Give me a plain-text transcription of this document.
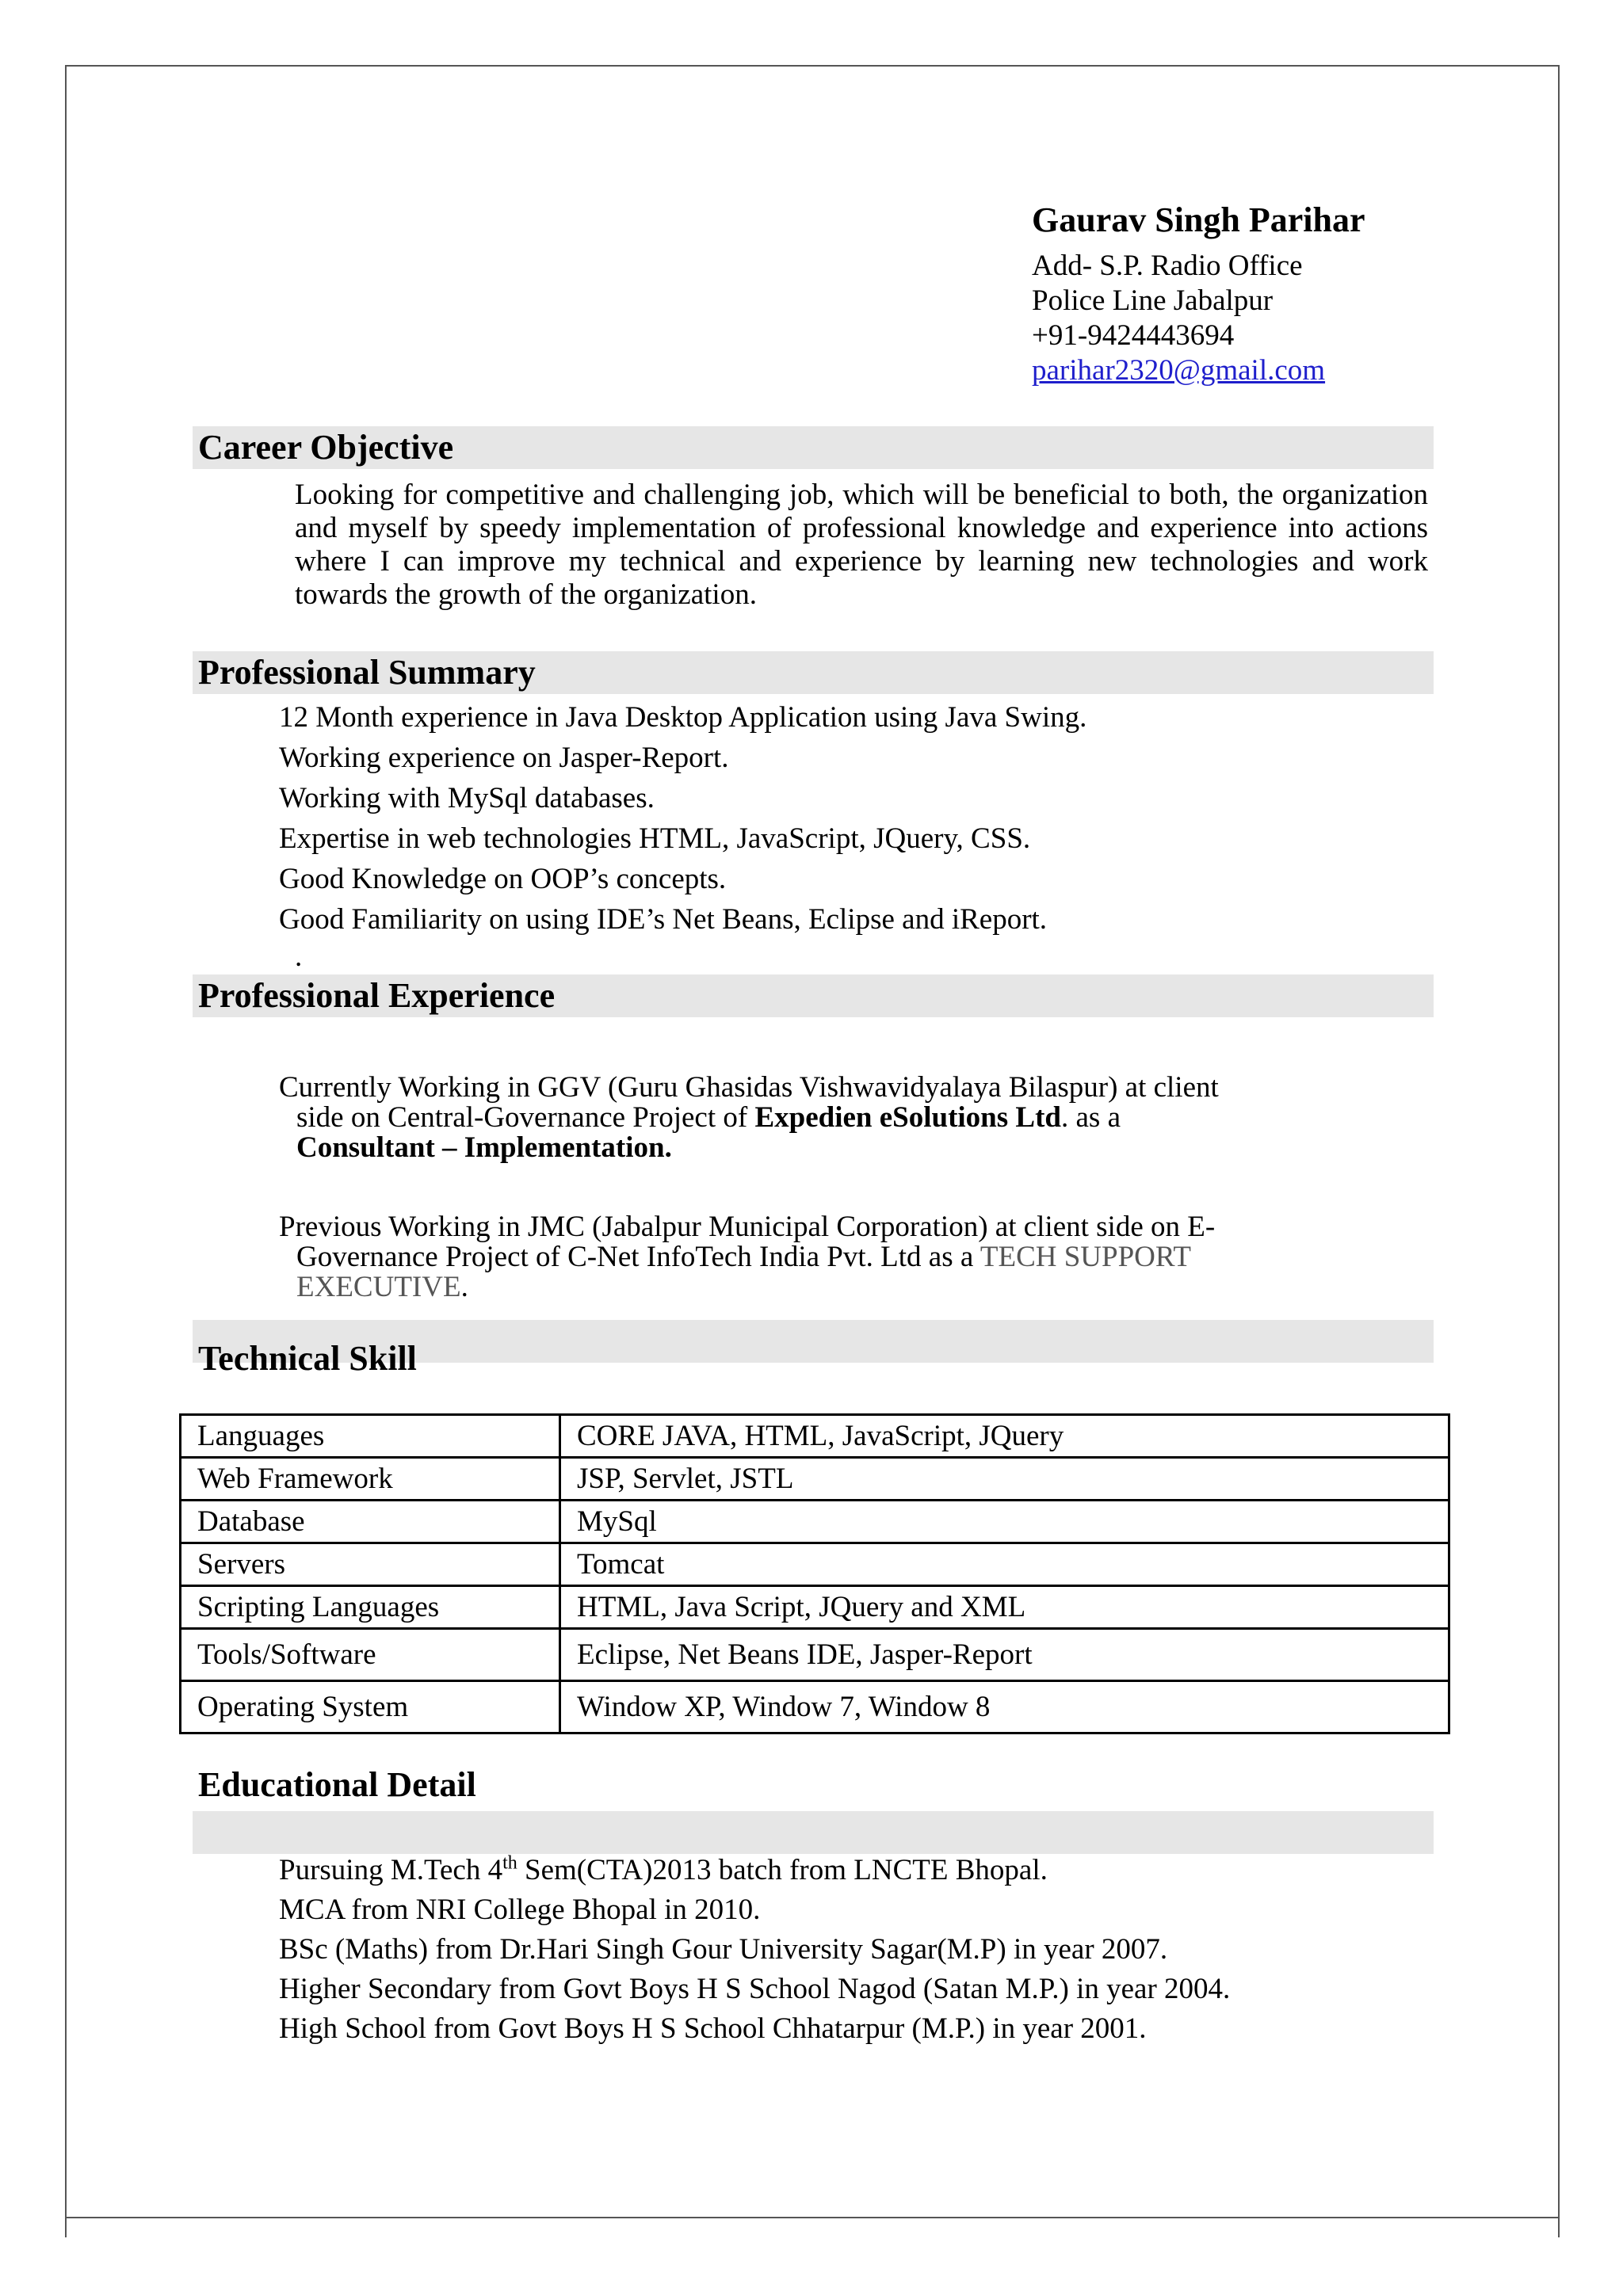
Gaurav Singh Parihar
Add- S.P. Radio Office
Police Line Jabalpur
+91-9424443694
parihar2320@gmail.com
Career Objective
Looking for competitive and challenging job, which will be beneficial to both, the organization and myself by speedy implementation of professional knowledge and experience into actions where I can improve my technical and experience by learning new technologies and work towards the growth of the organization.
Professional Summary
12 Month experience in Java Desktop Application using Java Swing.
Working experience on Jasper-Report.
Working with MySql databases.
Expertise in web technologies HTML, JavaScript, JQuery, CSS.
Good Knowledge on OOP’s concepts.
Good Familiarity on using IDE’s Net Beans, Eclipse and iReport.
.
Professional Experience
Currently Working in GGV (Guru Ghasidas Vishwavidyalaya Bilaspur) at client
side on Central-Governance Project of Expedien eSolutions Ltd. as a
Consultant – Implementation.
Previous Working in JMC (Jabalpur Municipal Corporation) at client side on E-
Governance Project of C-Net InfoTech India Pvt. Ltd as a TECH SUPPORT
EXECUTIVE.
Technical Skill
Languages	CORE JAVA, HTML, JavaScript, JQuery
Web Framework	JSP, Servlet, JSTL
Database	MySql
Servers	Tomcat
Scripting Languages	HTML, Java Script, JQuery and XML
Tools/Software	Eclipse, Net Beans IDE, Jasper-Report
Operating System	Window XP, Window 7, Window 8
Educational Detail
Pursuing M.Tech 4th Sem(CTA)2013 batch from LNCTE Bhopal.
MCA from NRI College Bhopal in 2010.
BSc (Maths) from Dr.Hari Singh Gour University Sagar(M.P) in year 2007.
Higher Secondary from Govt Boys H S School Nagod (Satan M.P.) in year 2004.
High School from Govt Boys H S School Chhatarpur (M.P.) in year 2001.
